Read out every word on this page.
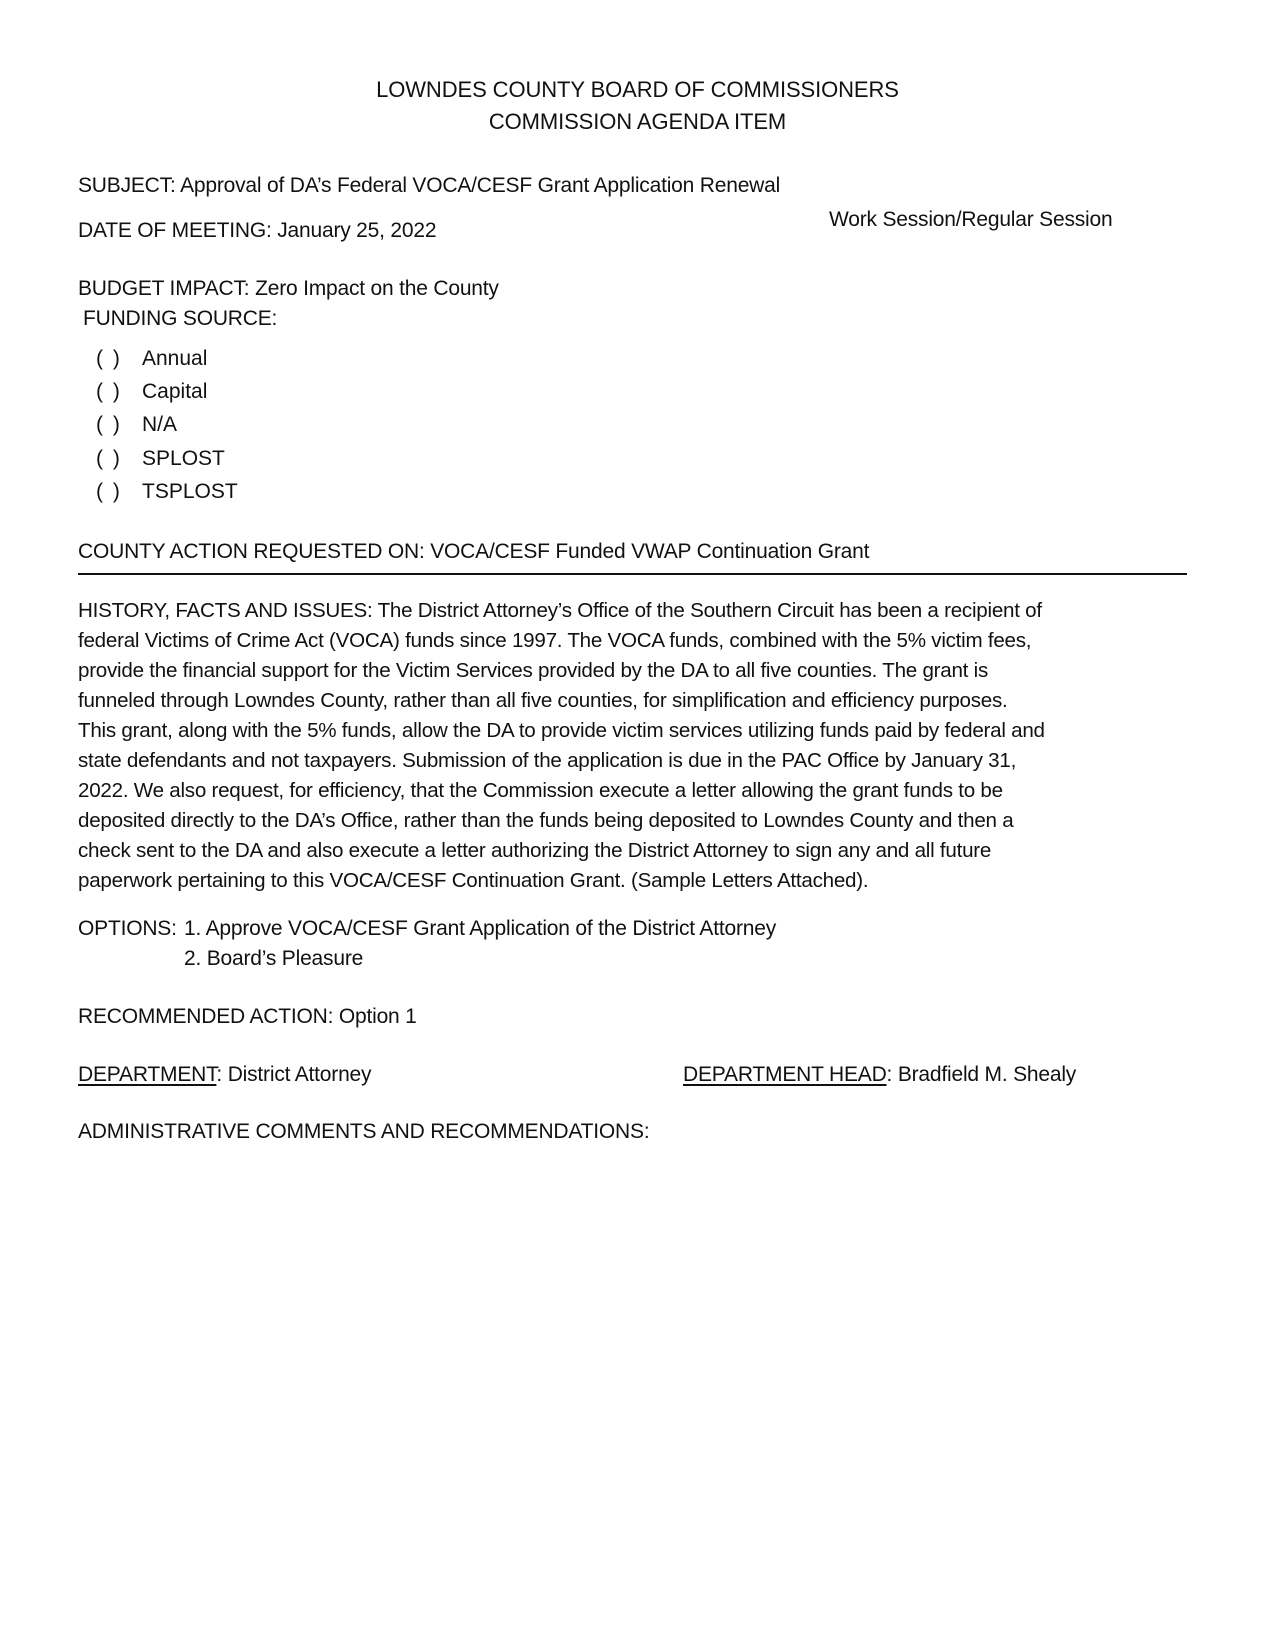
LOWNDES COUNTY BOARD OF COMMISSIONERS
COMMISSION AGENDA ITEM
SUBJECT: Approval of DA’s Federal VOCA/CESF Grant Application Renewal
Work Session/Regular Session
DATE OF MEETING: January 25, 2022
BUDGET IMPACT: Zero Impact on the County
FUNDING SOURCE:
( ) Annual
( ) Capital
( ) N/A
( ) SPLOST
( ) TSPLOST
COUNTY ACTION REQUESTED ON: VOCA/CESF Funded VWAP Continuation Grant
HISTORY, FACTS AND ISSUES: The District Attorney’s Office of the Southern Circuit has been a recipient of
federal Victims of Crime Act (VOCA) funds since 1997. The VOCA funds, combined with the 5% victim fees,
provide the financial support for the Victim Services provided by the DA to all five counties. The grant is
funneled through Lowndes County, rather than all five counties, for simplification and efficiency purposes.
This grant, along with the 5% funds, allow the DA to provide victim services utilizing funds paid by federal and
state defendants and not taxpayers. Submission of the application is due in the PAC Office by January 31,
2022. We also request, for efficiency, that the Commission execute a letter allowing the grant funds to be
deposited directly to the DA’s Office, rather than the funds being deposited to Lowndes County and then a
check sent to the DA and also execute a letter authorizing the District Attorney to sign any and all future
paperwork pertaining to this VOCA/CESF Continuation Grant. (Sample Letters Attached).
OPTIONS: 1. Approve VOCA/CESF Grant Application of the District Attorney
2. Board’s Pleasure
RECOMMENDED ACTION: Option 1
DEPARTMENT: District Attorney	DEPARTMENT HEAD: Bradfield M. Shealy
ADMINISTRATIVE COMMENTS AND RECOMMENDATIONS:
